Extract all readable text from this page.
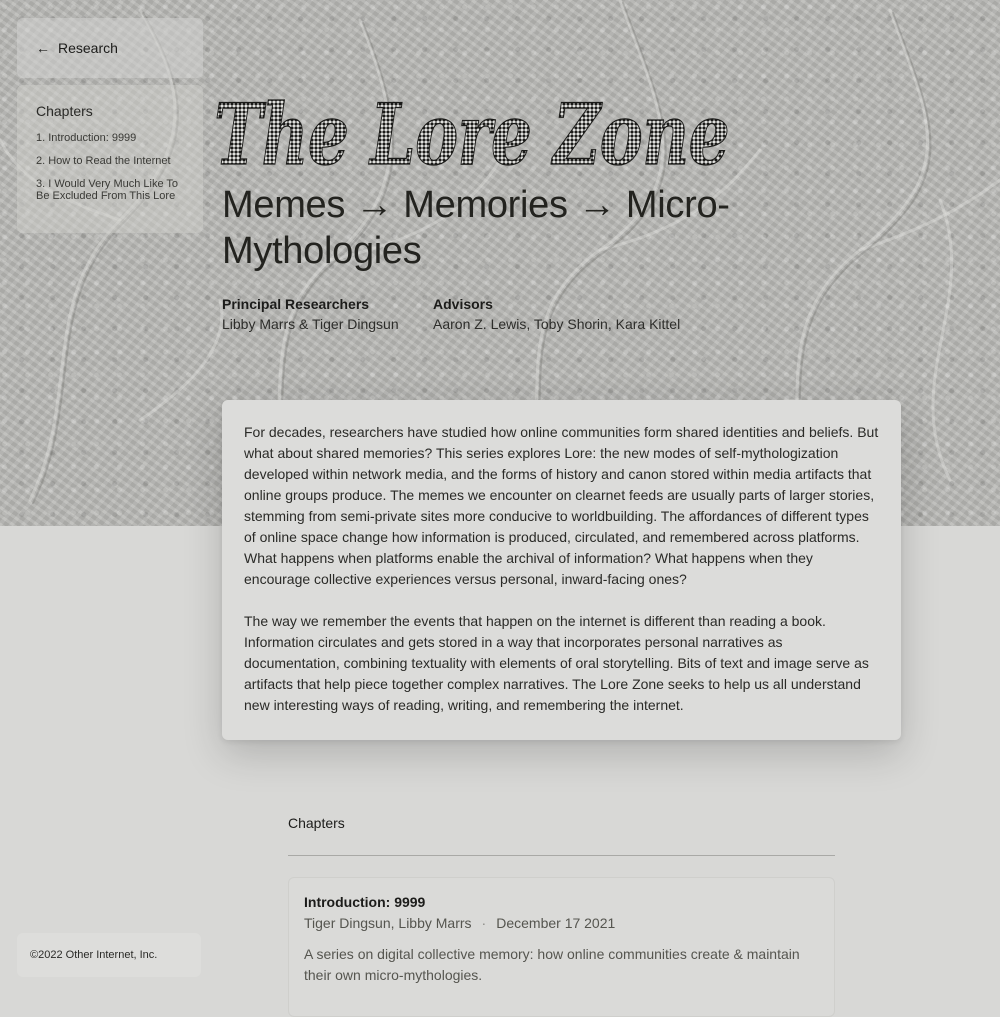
← Research
Chapters
1. Introduction: 9999
2. How to Read the Internet
3. I Would Very Much Like To Be Excluded From This Lore
The Lore Zone
Memes → Memories → Micro-Mythologies
Principal Researchers
Libby Marrs & Tiger Dingsun
Advisors
Aaron Z. Lewis, Toby Shorin, Kara Kittel

For decades, researchers have studied how online communities form shared identities and beliefs. But what about shared memories? This series explores Lore: the new modes of self-mythologization developed within network media, and the forms of history and canon stored within media artifacts that online groups produce. The memes we encounter on clearnet feeds are usually parts of larger stories, stemming from semi-private sites more conducive to worldbuilding. The affordances of different types of online space change how information is produced, circulated, and remembered across platforms. What happens when platforms enable the archival of information? What happens when they encourage collective experiences versus personal, inward-facing ones?

The way we remember the events that happen on the internet is different than reading a book. Information circulates and gets stored in a way that incorporates personal narratives as documentation, combining textuality with elements of oral storytelling. Bits of text and image serve as artifacts that help piece together complex narratives. The Lore Zone seeks to help us all understand new interesting ways of reading, writing, and remembering the internet.

Chapters
Introduction: 9999
Tiger Dingsun, Libby Marrs · December 17 2021
A series on digital collective memory: how online communities create & maintain their own micro-mythologies.
©2022 Other Internet, Inc.
